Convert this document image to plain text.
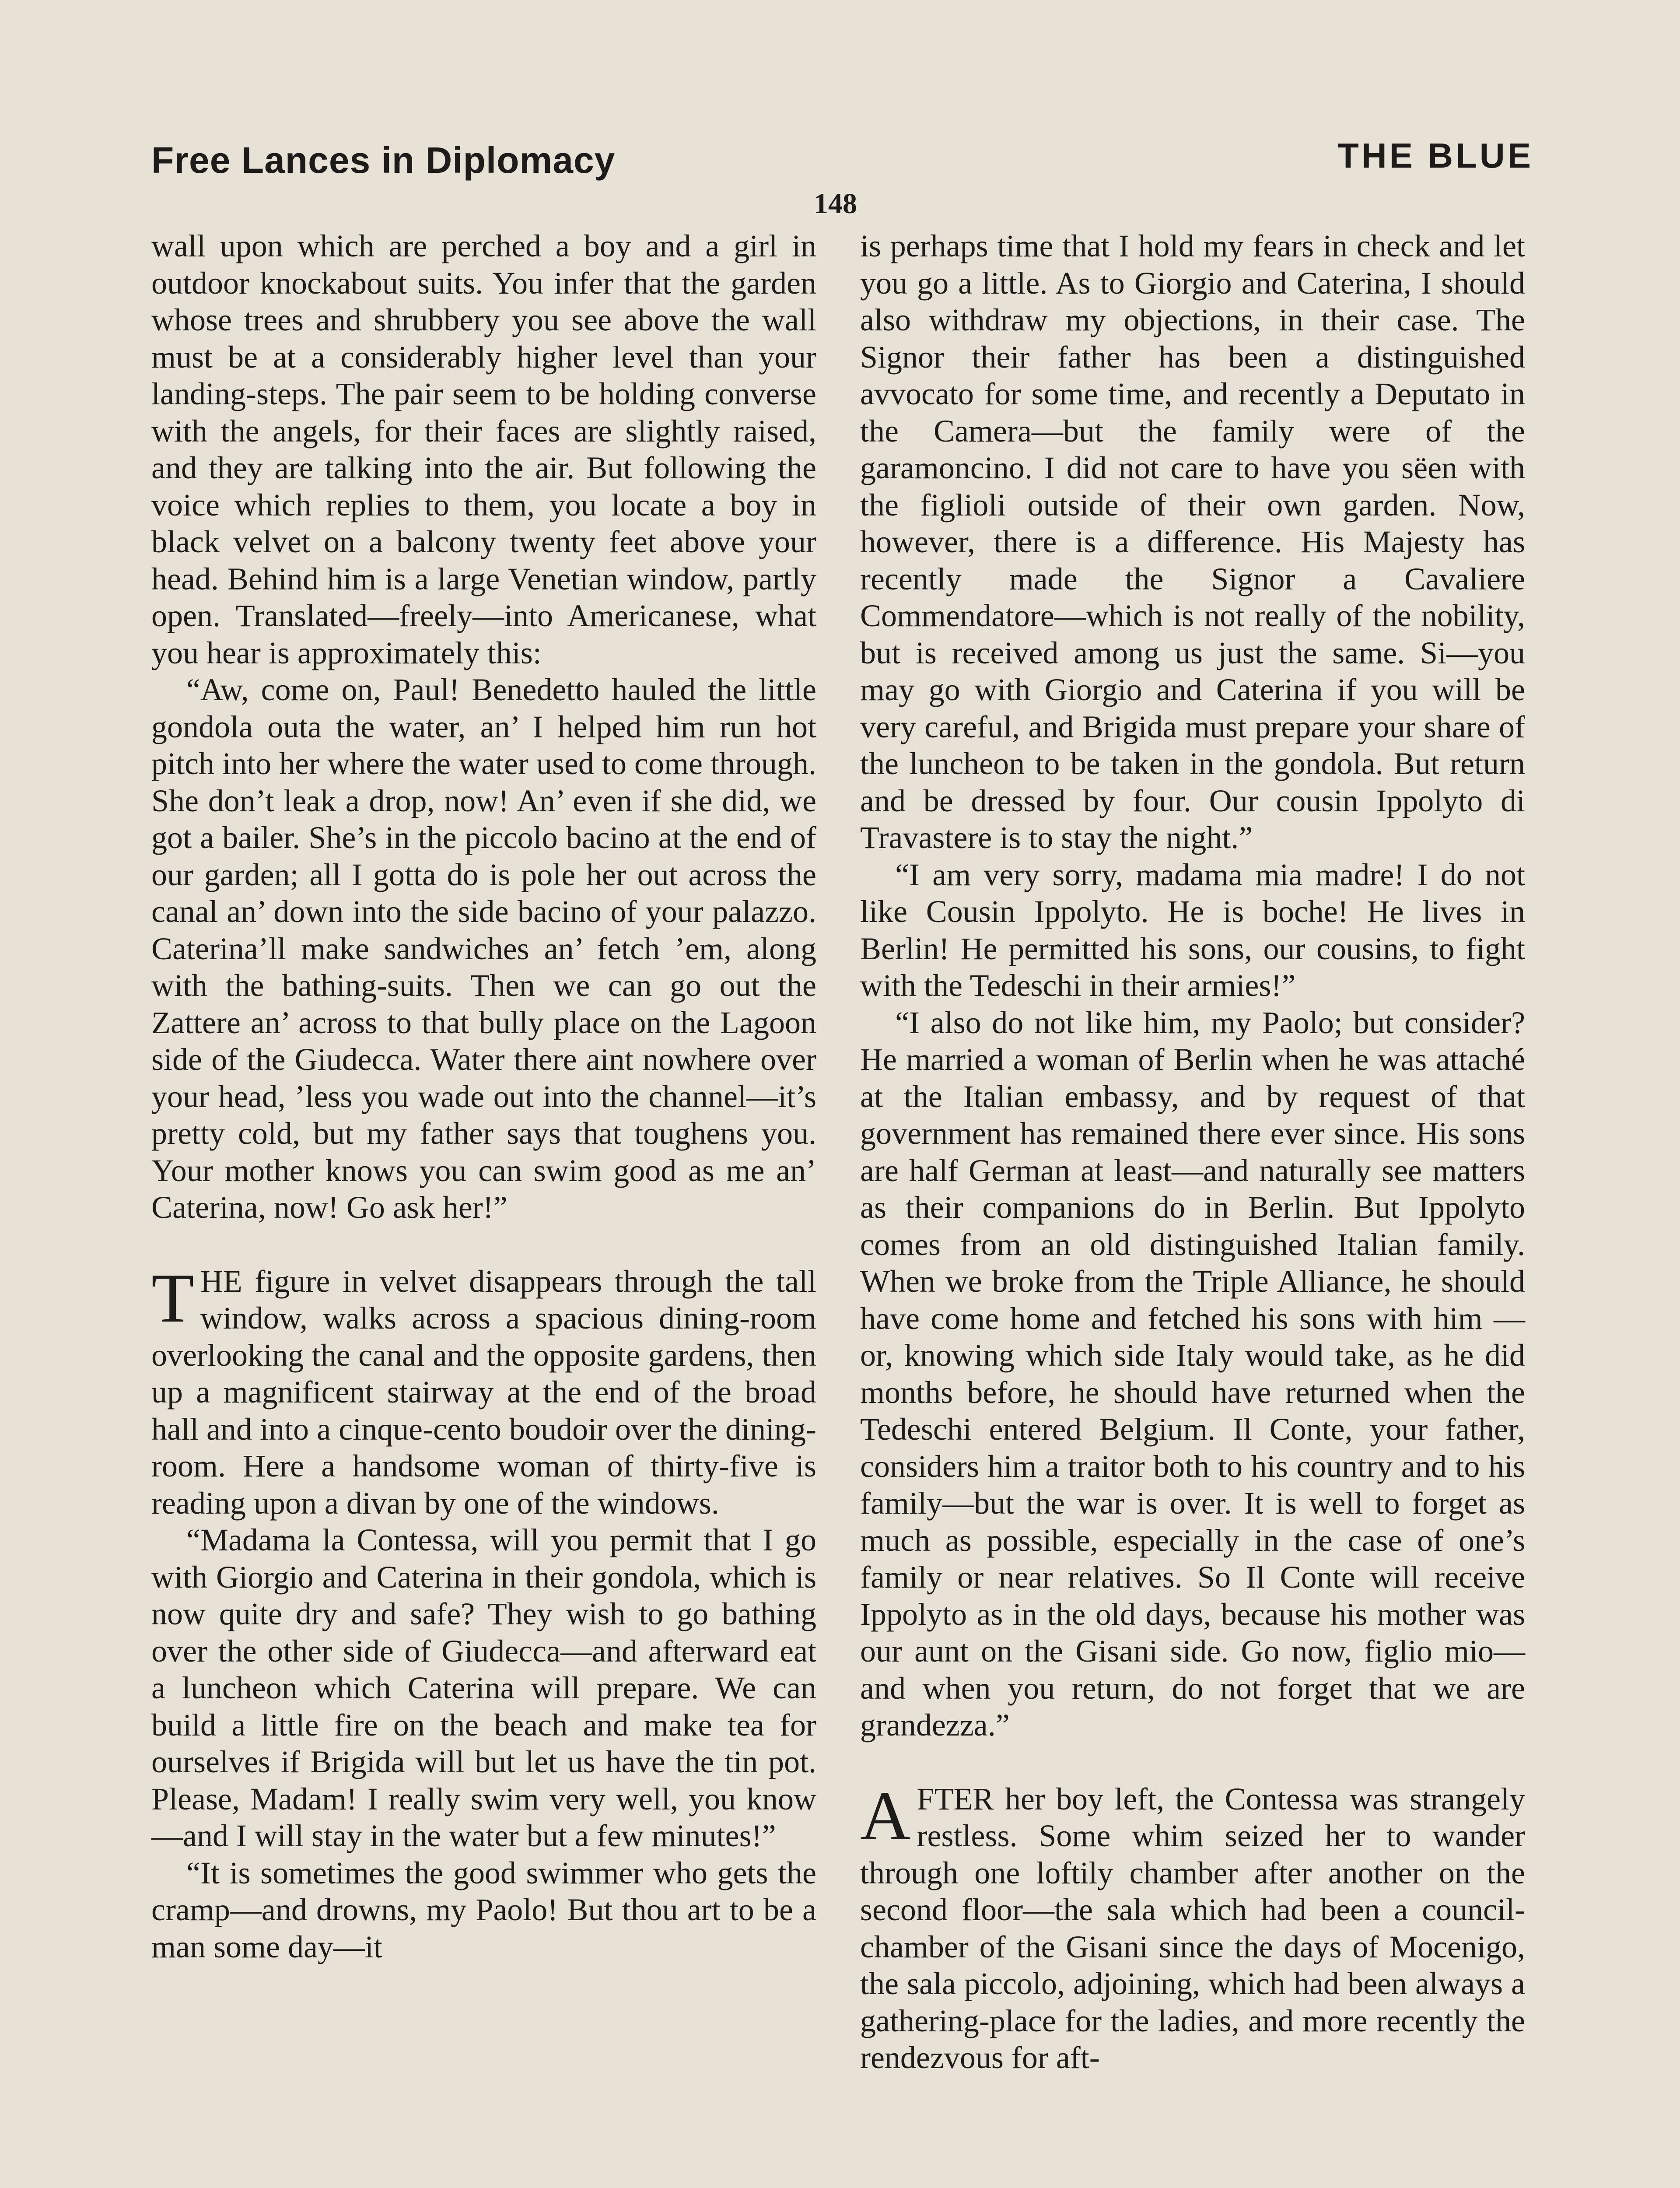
Free Lances in Diplomacy	THE BLUE
148

wall upon which are perched a boy and a girl in outdoor knockabout suits. You infer that the garden whose trees and shrubbery you see above the wall must be at a considerably higher level than your landing-steps. The pair seem to be holding converse with the angels, for their faces are slightly raised, and they are talking into the air. But following the voice which replies to them, you locate a boy in black velvet on a balcony twenty feet above your head. Behind him is a large Venetian window, partly open. Translated—freely—into Americanese, what you hear is approximately this:

“Aw, come on, Paul! Benedetto hauled the little gondola outa the water, an’ I helped him run hot pitch into her where the water used to come through. She don’t leak a drop, now! An’ even if she did, we got a bailer. She’s in the piccolo bacino at the end of our garden; all I gotta do is pole her out across the canal an’ down into the side bacino of your palazzo. Caterina’ll make sandwiches an’ fetch ’em, along with the bathing-suits. Then we can go out the Zattere an’ across to that bully place on the Lagoon side of the Giudecca. Water there aint nowhere over your head, ’less you wade out into the channel—it’s pretty cold, but my father says that toughens you. Your mother knows you can swim good as me an’ Caterina, now! Go ask her!”

THE figure in velvet disappears through the tall window, walks across a spacious dining-room overlooking the canal and the opposite gardens, then up a magnificent stairway at the end of the broad hall and into a cinque-cento boudoir over the dining-room. Here a handsome woman of thirty-five is reading upon a divan by one of the windows.

“Madama la Contessa, will you permit that I go with Giorgio and Caterina in their gondola, which is now quite dry and safe? They wish to go bathing over the other side of Giudecca—and afterward eat a luncheon which Caterina will prepare. We can build a little fire on the beach and make tea for ourselves if Brigida will but let us have the tin pot. Please, Madam! I really swim very well, you know—and I will stay in the water but a few minutes!”

“It is sometimes the good swimmer who gets the cramp—and drowns, my Paolo! But thou art to be a man some day—it

is perhaps time that I hold my fears in check and let you go a little. As to Giorgio and Caterina, I should also withdraw my objections, in their case. The Signor their father has been a distinguished avvocato for some time, and recently a Deputato in the Camera—but the family were of the garamoncino. I did not care to have you sëen with the figlioli outside of their own garden. Now, however, there is a difference. His Majesty has recently made the Signor a Cavaliere Commendatore—which is not really of the nobility, but is received among us just the same. Si—you may go with Giorgio and Caterina if you will be very careful, and Brigida must prepare your share of the luncheon to be taken in the gondola. But return and be dressed by four. Our cousin Ippolyto di Travastere is to stay the night.”

“I am very sorry, madama mia madre! I do not like Cousin Ippolyto. He is boche! He lives in Berlin! He permitted his sons, our cousins, to fight with the Tedeschi in their armies!”

“I also do not like him, my Paolo; but consider? He married a woman of Berlin when he was attaché at the Italian embassy, and by request of that government has remained there ever since. His sons are half German at least—and naturally see matters as their companions do in Berlin. But Ippolyto comes from an old distinguished Italian family. When we broke from the Triple Alliance, he should have come home and fetched his sons with him —or, knowing which side Italy would take, as he did months before, he should have returned when the Tedeschi entered Belgium. Il Conte, your father, considers him a traitor both to his country and to his family—but the war is over. It is well to forget as much as possible, especially in the case of one’s family or near relatives. So Il Conte will receive Ippolyto as in the old days, because his mother was our aunt on the Gisani side. Go now, figlio mio—and when you return, do not forget that we are grandezza.”

AFTER her boy left, the Contessa was strangely restless. Some whim seized her to wander through one loftily chamber after another on the second floor—the sala which had been a council-chamber of the Gisani since the days of Mocenigo, the sala piccolo, adjoining, which had been always a gathering-place for the ladies, and more recently the rendezvous for aft-
